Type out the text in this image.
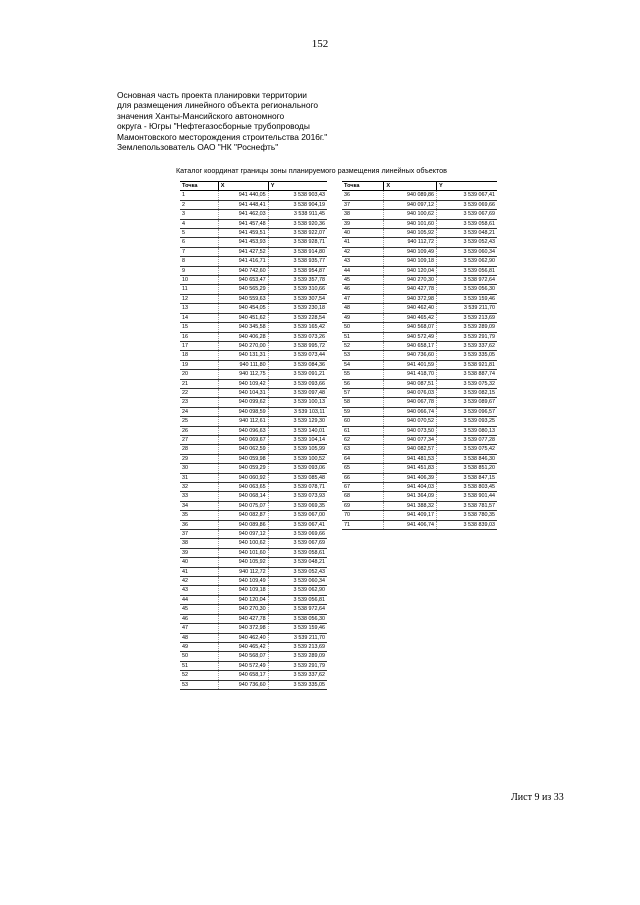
152
Основная часть проекта планировки территории
для размещения линейного объекта регионального
значения Ханты-Мансийского автономного
округа - Югры "Нефтегазосборные трубопроводы
Мамонтовского месторождения строительства 2016г."
Землепользователь ОАО "НК "Роснефть"
Каталог координат границы зоны планируемого размещения линейных объектов
Точка	X	Y
1	941 440,05	3 538 903,43
2	941 448,41	3 538 904,19
3	941 462,03	3 538 911,45
4	941 457,48	3 538 920,36
5	941 459,51	3 538 922,07
6	941 453,93	3 538 928,71
7	941 427,52	3 538 914,80
8	941 416,71	3 538 935,77
9	940 742,60	3 538 954,87
10	940 653,47	3 539 357,78
11	940 565,29	3 539 310,66
12	940 559,63	3 539 307,54
13	940 454,05	3 539 230,18
14	940 451,62	3 539 228,54
15	940 345,58	3 539 165,42
16	940 406,28	3 539 073,26
17	940 270,00	3 538 995,72
18	940 131,31	3 539 073,44
19	940 111,80	3 539 084,36
20	940 112,75	3 539 091,21
21	940 109,42	3 539 093,66
22	940 104,31	3 539 097,48
23	940 099,62	3 539 100,13
24	940 098,59	3 539 103,11
25	940 112,61	3 539 129,30
26	940 096,63	3 539 140,01
27	940 069,67	3 539 104,14
28	940 062,59	3 539 105,99
29	940 059,98	3 539 100,52
30	940 059,29	3 539 093,06
31	940 060,92	3 539 085,48
32	940 063,65	3 539 078,71
33	940 068,14	3 539 073,93
34	940 075,07	3 539 069,35
35	940 082,87	3 539 067,00
36	940 089,86	3 539 067,41
37	940 097,12	3 539 069,66
38	940 100,62	3 539 067,69
39	940 101,60	3 539 058,61
40	940 105,92	3 539 048,21
41	940 112,72	3 539 052,43
42	940 109,49	3 539 060,34
43	940 109,18	3 539 062,90
44	940 120,04	3 539 056,81
45	940 270,30	3 538 972,64
46	940 427,78	3 538 056,30
47	940 372,98	3 539 159,46
48	940 462,40	3 539 211,70
49	940 465,42	3 539 213,69
50	940 568,07	3 539 289,09
51	940 572,49	3 539 291,79
52	940 658,17	3 539 337,62
53	940 736,60	3 539 335,05
Точка	X	Y
36	940 089,86	3 539 067,41
37	940 097,12	3 539 069,66
38	940 100,62	3 539 067,69
39	940 101,60	3 539 058,61
40	940 105,92	3 539 048,21
41	940 112,72	3 539 052,43
42	940 109,49	3 539 060,34
43	940 109,18	3 539 062,90
44	940 120,04	3 539 056,81
45	940 270,30	3 538 972,64
46	940 427,78	3 539 056,30
47	940 372,98	3 539 159,46
48	940 462,40	3 539 211,70
49	940 465,42	3 539 213,69
50	940 568,07	3 539 289,09
51	940 572,49	3 539 291,79
52	940 658,17	3 539 337,62
53	940 736,60	3 539 335,05
54	941 401,59	3 538 921,81
55	941 418,70	3 538 887,74
56	940 087,51	3 539 075,32
57	940 076,03	3 539 082,15
58	940 067,78	3 539 089,67
59	940 066,74	3 539 096,57
60	940 070,52	3 539 093,25
61	940 073,50	3 539 080,13
62	940 077,34	3 539 077,28
63	940 082,57	3 539 075,42
64	941 481,53	3 538 846,30
65	941 451,83	3 538 851,20
66	941 406,39	3 538 847,15
67	941 404,03	3 538 803,45
68	941 364,09	3 538 901,44
69	941 388,32	3 538 781,57
70	941 409,17	3 538 780,35
71	941 406,74	3 538 839,03
Лист 9 из 33
